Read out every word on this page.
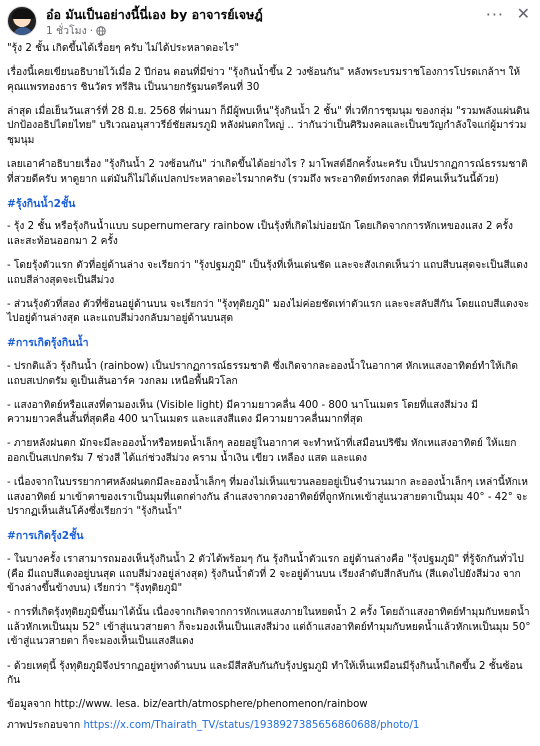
อ๋อ มันเป็นอย่างนี้นี่เอง by อาจารย์เจษฎ์
1 ชั่วโมง ·
··· ✕

"รุ้ง 2 ชั้น เกิดขึ้นได้เรื่อยๆ ครับ ไม่ได้ประหลาดอะไร"

เรื่องนี้เคยเขียนอธิบายไว้เมื่อ 2 ปีก่อน ตอนที่มีข่าว "รุ้งกินน้ำขึ้น 2 วงซ้อนกัน" หลังพระบรมราชโองการโปรดเกล้าฯ ให้คุณแพรทองธาร ชินวัตร ทรีสิน เป็นนายกรัฐมนตรีคนที่ 30

ล่าสุด เมื่อเย็นวันเสาร์ที่ 28 มิ.ย. 2568 ที่ผ่านมา ก็มีผู้พบเห็น"รุ้งกินน้ำ 2 ชั้น" ที่เวทีการชุมนุม ของกลุ่ม "รวมพลังแผ่นดิน ปกป้องอธิปไตยไทย" บริเวณอนุสาวรีย์ชัยสมรภูมิ หลังฝนตกใหญ่ .. ว่ากันว่าเป็นศิริมงคลและเป็นขวัญกำลังใจแก่ผู้มาร่วมชุมนุม

เลยเอาคำอธิบายเรื่อง "รุ้งกินน้ำ 2 วงซ้อนกัน" ว่าเกิดขึ้นได้อย่างไร ? มาโพสต์อีกครั้งนะครับ เป็นปรากฏการณ์ธรรมชาติที่สวยดีครับ หาดูยาก แต่มันก็ไม่ได้แปลกประหลาดอะไรมากครับ (รวมถึง พระอาทิตย์ทรงกลด ที่มีคนเห็นวันนี้ด้วย)

#รุ้งกินน้ำ2ชั้น

- รุ้ง 2 ชั้น หรือรุ้งกินน้ำแบบ supernumerary rainbow เป็นรุ้งที่เกิดไม่บ่อยนัก โดยเกิดจากการหักเหของแสง 2 ครั้ง และสะท้อนออกมา 2 ครั้ง

- โดยรุ้งตัวแรก ตัวที่อยู่ด้านล่าง จะเรียกว่า "รุ้งปฐมภูมิ" เป็นรุ้งที่เห็นเด่นชัด และจะสังเกตเห็นว่า แถบสีบนสุดจะเป็นสีแดง แถบสีล่างสุดจะเป็นสีม่วง

- ส่วนรุ้งตัวที่สอง ตัวที่ซ้อนอยู่ด้านบน จะเรียกว่า "รุ้งทุติยภูมิ" มองไม่ค่อยชัดเท่าตัวแรก และจะสลับสีกัน โดยแถบสีแดงจะไปอยู่ด้านล่างสุด และแถบสีม่วงกลับมาอยู่ด้านบนสุด

#การเกิดรุ้งกินน้ำ

- ปรกติแล้ว รุ้งกินน้ำ (rainbow) เป็นปรากฏการณ์ธรรมชาติ ซึ่งเกิดจากละอองน้ำในอากาศ หักเหแสงอาทิตย์ทำให้เกิดแถบสเปกตรัม ดูเป็นเส้นอาร์ค วงกลม เหนือพื้นผิวโลก

- แสงอาทิตย์หรือแสงที่ตามองเห็น (Visible light) มีความยาวคลื่น 400 - 800 นาโนเมตร โดยที่แสงสีม่วง มีความยาวคลื่นสั้นที่สุดคือ 400 นาโนเมตร และแสงสีแดง มีความยาวคลื่นมากที่สุด

- ภายหลังฝนตก มักจะมีละอองน้ำหรือหยดน้ำเล็กๆ ลอยอยู่ในอากาศ จะทำหน้าที่เสมือนปริซึม หักเหแสงอาทิตย์ ให้แยกออกเป็นสเปกตรัม 7 ช่วงสี ได้แก่ช่วงสีม่วง คราม น้ำเงิน เขียว เหลือง แสด และแดง

- เนื่องจากในบรรยากาศหลังฝนตกมีละอองน้ำเล็กๆ ที่มองไม่เห็นแขวนลอยอยู่เป็นจำนวนมาก ละอองน้ำเล็กๆ เหล่านี้หักเหแสงอาทิตย์ มาเข้าตาของเราเป็นมุมที่แตกต่างกัน ลำแสงจากดวงอาทิตย์ที่ถูกหักเหเข้าสู่แนวสายตาเป็นมุม 40° - 42° จะปรากฏเห็นเส้นโค้งซึ่งเรียกว่า "รุ้งกินน้ำ"

#การเกิดรุ้ง2ชั้น

- ในบางครั้ง เราสามารถมองเห็นรุ้งกินน้ำ 2 ตัวได้พร้อมๆ กัน รุ้งกินน้ำตัวแรก อยู่ด้านล่างคือ "รุ้งปฐมภูมิ" ที่รู้จักกันทั่วไป (คือ มีแถบสีแดงอยู่บนสุด แถบสีม่วงอยู่ล่างสุด) รุ้งกินน้ำตัวที่ 2 จะอยู่ด้านบน เรียงลำดับสีกลับกัน (สีแดงไปยังสีม่วง จากข้างล่างขึ้นข้างบน) เรียกว่า "รุ้งทุติยภูมิ"

- การที่เกิดรุ้งทุติยภูมิขึ้นมาได้นั้น เนื่องจากเกิดจากการหักเหแสงภายในหยดน้ำ 2 ครั้ง โดยถ้าแสงอาทิตย์ทำมุมกับหยดน้ำ แล้วหักเหเป็นมุม 52° เข้าสู่แนวสายตา ก็จะมองเห็นเป็นแสงสีม่วง แต่ถ้าแสงอาทิตย์ทำมุมกับหยดน้ำแล้วหักเหเป็นมุม 50° เข้าสู่แนวสายตา ก็จะมองเห็นเป็นแสงสีแดง

- ด้วยเหตุนี้ รุ้งทุติยภูมิจึงปรากฏอยู่ทางด้านบน และมีสีสลับกันกับรุ้งปฐมภูมิ ทำให้เห็นเหมือนมีรุ้งกินน้ำเกิดขึ้น 2 ชั้นซ้อนกัน

ข้อมูลจาก http://www. lesa. biz/earth/atmosphere/phenomenon/rainbow
ภาพประกอบจาก https://x.com/Thairath_TV/status/1938927385656860688/photo/1
